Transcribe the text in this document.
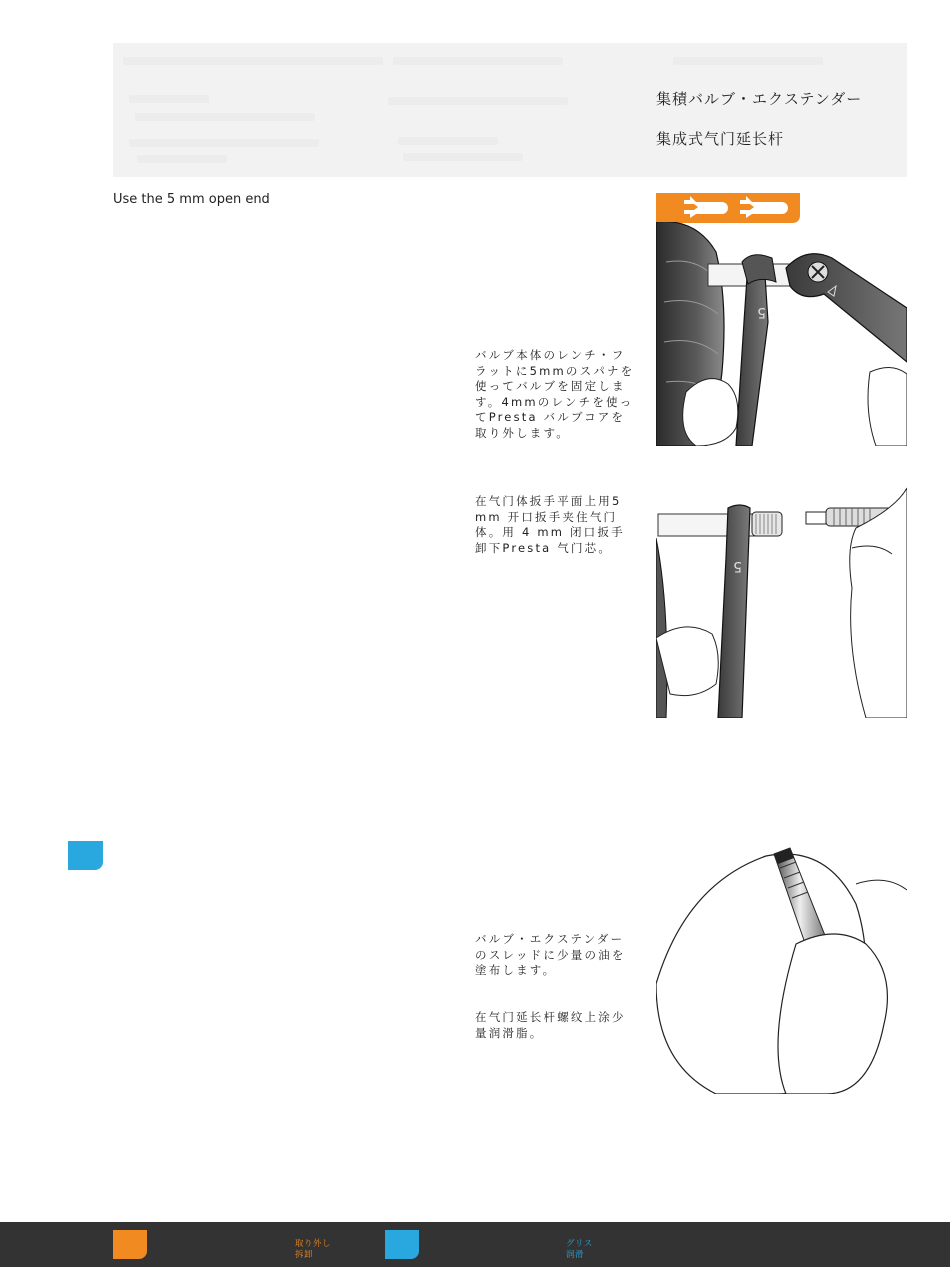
集積バルブ・エクステンダー
集成式气门延长杆
Use the 5 mm open end
バルブ本体のレンチ・フラットに5mmのスパナを使ってバルブを固定します。4mmのレンチを使ってPresta バルブコアを取り外します。
在气门体扳手平面上用5 mm 开口扳手夹住气门体。用 4 mm 闭口扳手卸下Presta 气门芯。
バルブ・エクステンダーのスレッドに少量の油を塗布します。
在气门延长杆螺纹上涂少量润滑脂。
5
5
取り外し
拆卸
グリス
润滑
